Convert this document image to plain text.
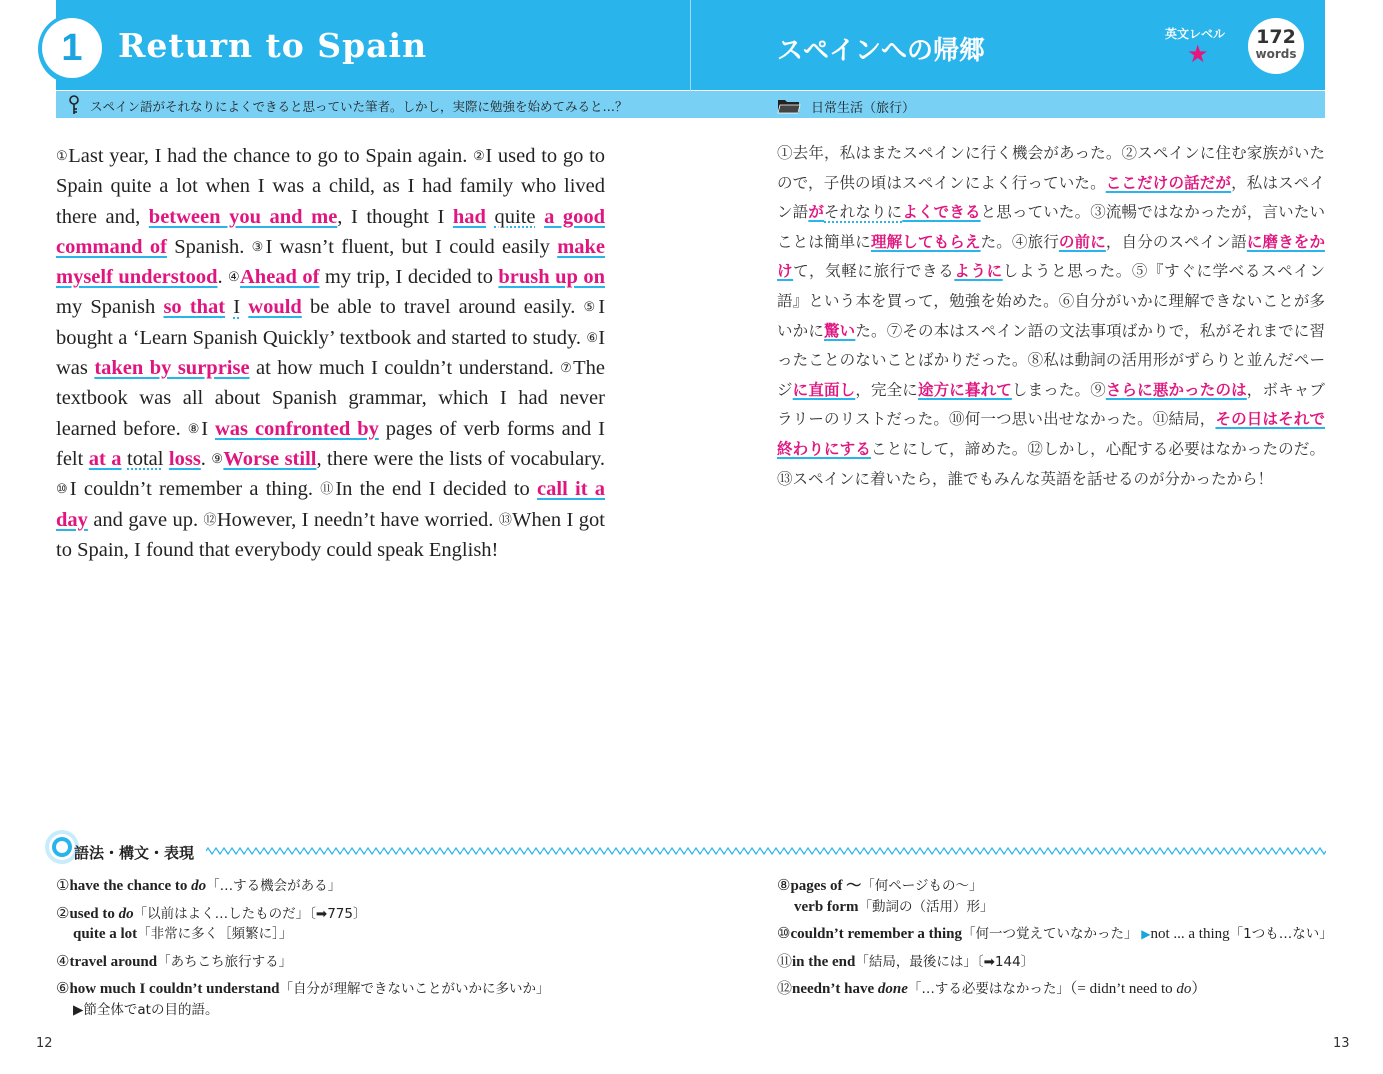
1	Return to Spain	スペインへの帰郷
英文レベル
★
172
words
スペイン語がそれなりによくできると思っていた筆者。しかし，実際に勉強を始めてみると…？	日常生活（旅行）
①Last year, I had the chance to go to Spain again. ②I used to go to Spain quite a lot when I was a child, as I had family who lived there and, between you and me, I thought I had quite a good command of Spanish. ③I wasn’t fluent, but I could easily make myself understood. ④Ahead of my trip, I decided to brush up on my Spanish so that I would be able to travel around easily. ⑤I bought a ‘Learn Spanish Quickly’ textbook and started to study. ⑥I was taken by surprise at how much I couldn’t understand. ⑦The textbook was all about Spanish grammar, which I had never learned before. ⑧I was confronted by pages of verb forms and I felt at a total loss. ⑨Worse still, there were the lists of vocabulary. ⑩I couldn’t remember a thing. ⑪In the end I decided to call it a day and gave up. ⑫However, I needn’t have worried. ⑬When I got to Spain, I found that everybody could speak English!
①去年，私はまたスペインに行く機会があった。②スペインに住む家族がいたので，子供の頃はスペインによく行っていた。ここだけの話だが，私はスペイン語がそれなりによくできると思っていた。③流暢ではなかったが，言いたいことは簡単に理解してもらえた。④旅行の前に，自分のスペイン語に磨きをかけて，気軽に旅行できるようにしようと思った。⑤『すぐに学べるスペイン語』という本を買って，勉強を始めた。⑥自分がいかに理解できないことが多いかに驚いた。⑦その本はスペイン語の文法事項ばかりで，私がそれまでに習ったことのないことばかりだった。⑧私は動詞の活用形がずらりと並んだページに直面し，完全に途方に暮れてしまった。⑨さらに悪かったのは，ボキャブラリーのリストだった。⑩何一つ思い出せなかった。⑪結局，その日はそれで終わりにすることにして，諦めた。⑫しかし，心配する必要はなかったのだ。⑬スペインに着いたら，誰でもみんな英語を話せるのが分かったから！
語法・構文・表現
①have the chance to do「…する機会がある」
②used to do「以前はよく…したものだ」〔➡775〕
quite a lot「非常に多く［頻繁に］」
④travel around「あちこち旅行する」
⑥how much I couldn’t understand「自分が理解できないことがいかに多いか」
▶節全体でatの目的語。
⑧pages of ～「何ページもの～」
verb form「動詞の（活用）形」
⑩couldn’t remember a thing「何一つ覚えていなかった」 ▶not ... a thing「1つも…ない」
⑪in the end「結局，最後には」〔➡144〕
⑫needn’t have done「…する必要はなかった」（= didn’t need to do）
12	13
